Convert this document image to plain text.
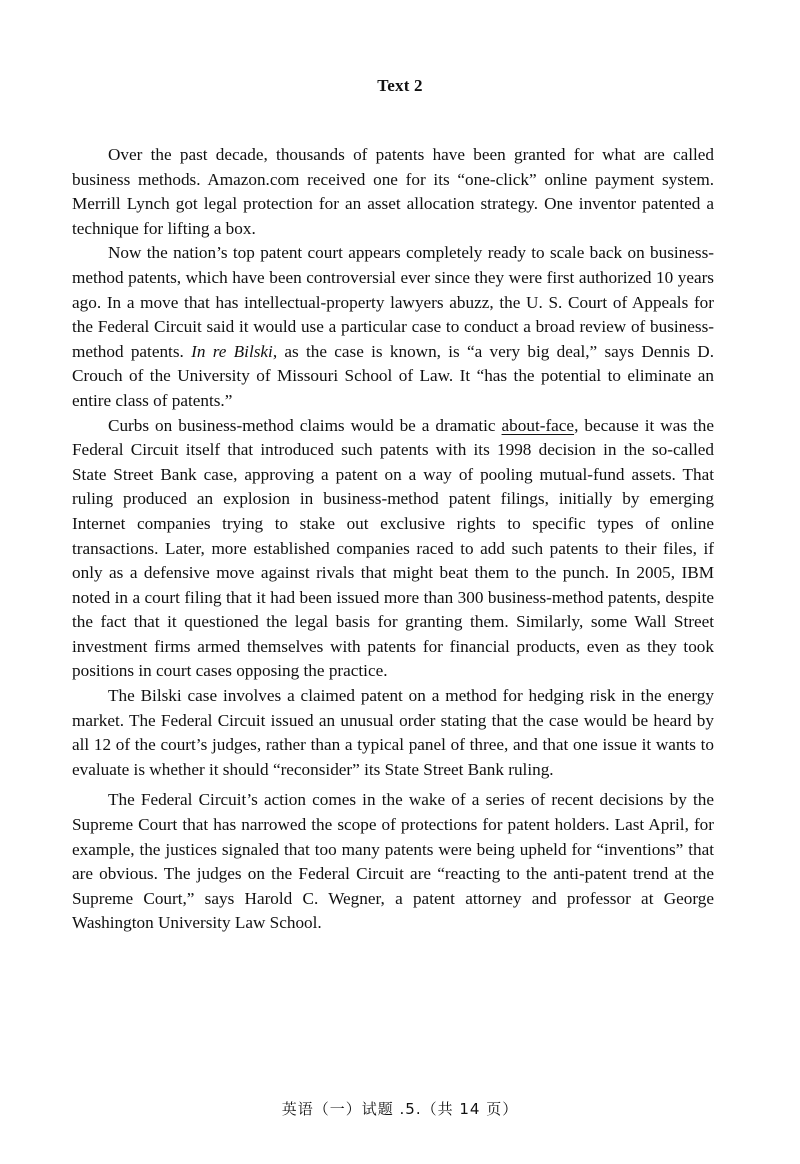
Text 2

Over the past decade, thousands of patents have been granted for what are called business methods. Amazon.com received one for its “one-click” online payment system. Merrill Lynch got legal protection for an asset allocation strategy. One inventor patented a technique for lifting a box.

Now the nation’s top patent court appears completely ready to scale back on business-method patents, which have been controversial ever since they were first authorized 10 years ago. In a move that has intellectual-property lawyers abuzz, the U. S. Court of Appeals for the Federal Circuit said it would use a particular case to conduct a broad review of business-method patents. In re Bilski, as the case is known, is “a very big deal,” says Dennis D. Crouch of the University of Missouri School of Law. It “has the potential to eliminate an entire class of patents.”

Curbs on business-method claims would be a dramatic about-face, because it was the Federal Circuit itself that introduced such patents with its 1998 decision in the so-called State Street Bank case, approving a patent on a way of pooling mutual-fund assets. That ruling produced an explosion in business-method patent filings, initially by emerging Internet companies trying to stake out exclusive rights to specific types of online transactions. Later, more established companies raced to add such patents to their files, if only as a defensive move against rivals that might beat them to the punch. In 2005, IBM noted in a court filing that it had been issued more than 300 business-method patents, despite the fact that it questioned the legal basis for granting them. Similarly, some Wall Street investment firms armed themselves with patents for financial products, even as they took positions in court cases opposing the practice.

The Bilski case involves a claimed patent on a method for hedging risk in the energy market. The Federal Circuit issued an unusual order stating that the case would be heard by all 12 of the court’s judges, rather than a typical panel of three, and that one issue it wants to evaluate is whether it should “reconsider” its State Street Bank ruling.

The Federal Circuit’s action comes in the wake of a series of recent decisions by the Supreme Court that has narrowed the scope of protections for patent holders. Last April, for example, the justices signaled that too many patents were being upheld for “inventions” that are obvious. The judges on the Federal Circuit are “reacting to the anti-patent trend at the Supreme Court,” says Harold C. Wegner, a patent attorney and professor at George Washington University Law School.

英语（一）试题 .5.（共 14 页）
